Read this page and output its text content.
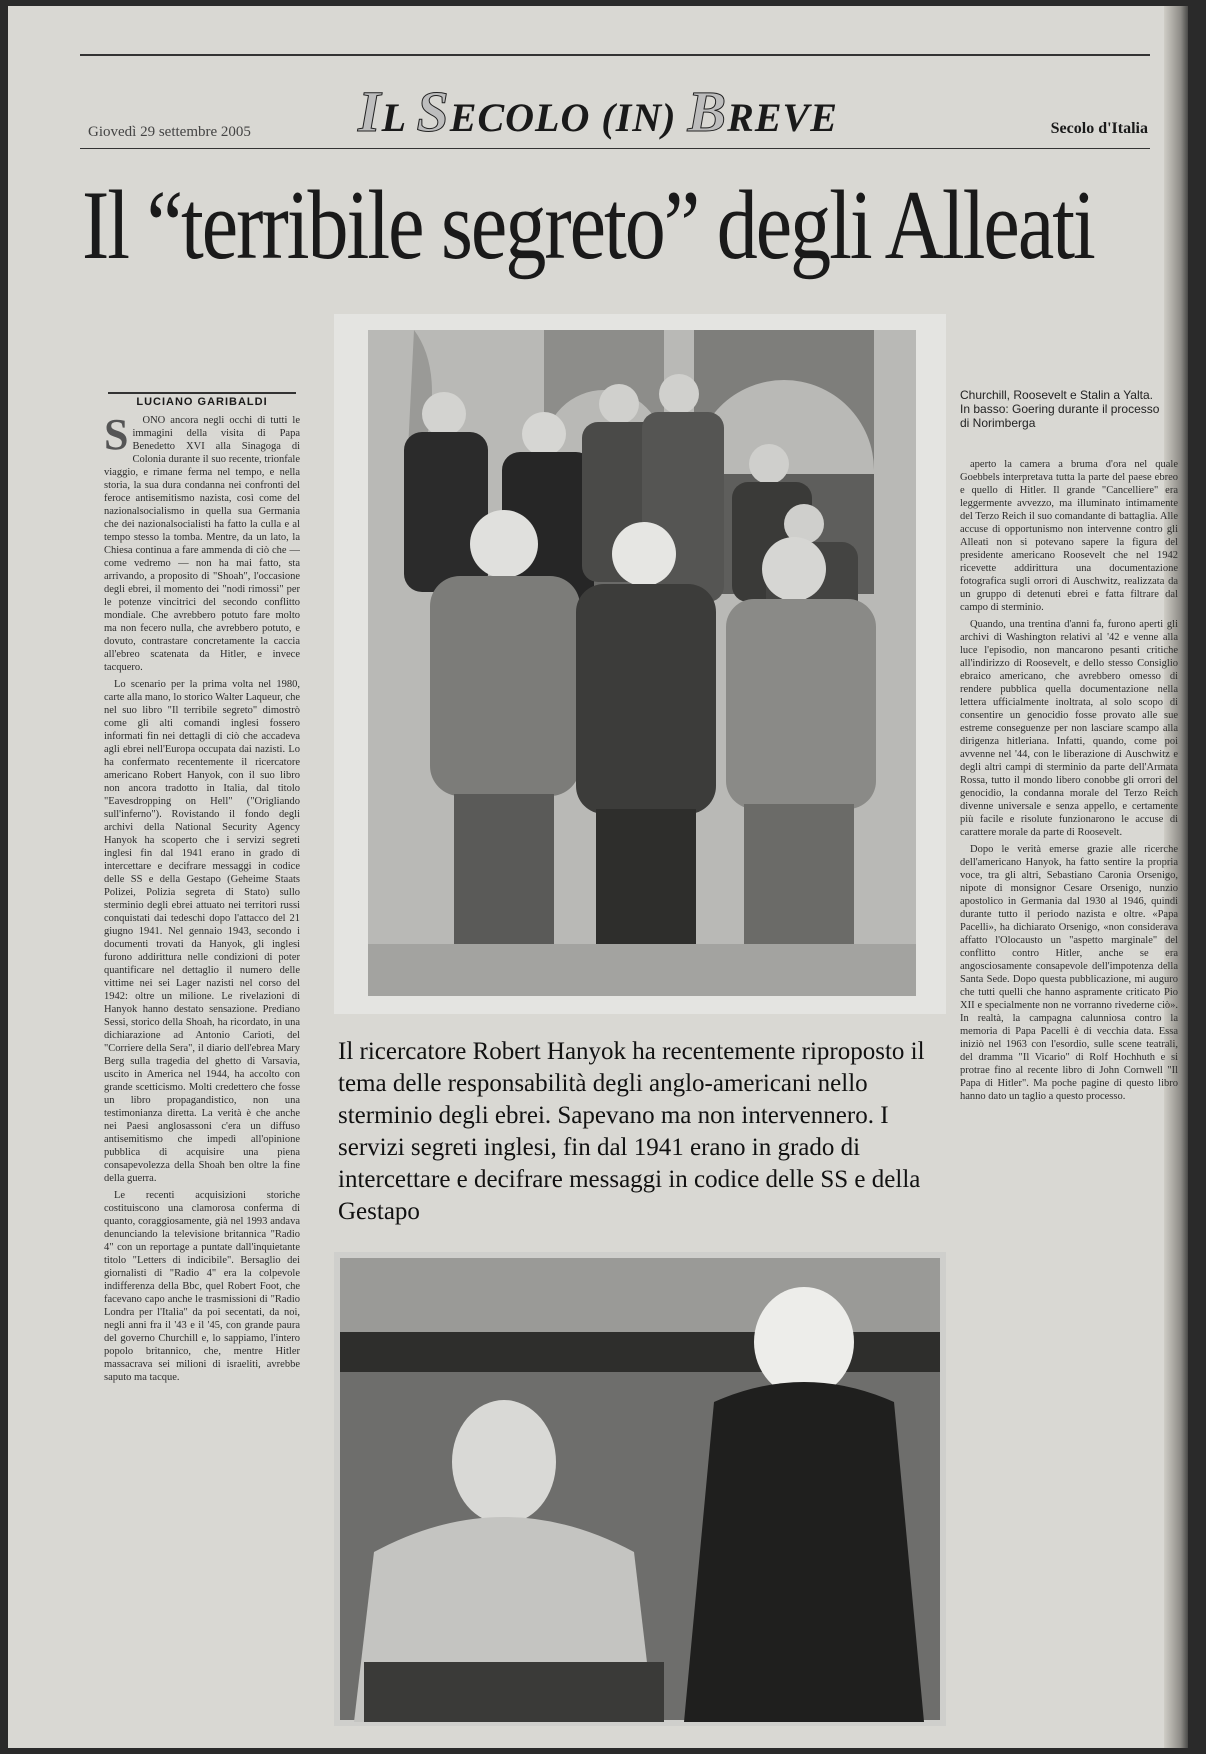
IL SECOLO (IN) BREVE
Giovedì 29 settembre 2005	Secolo d'Italia
Il “terribile segreto” degli Alleati
LUCIANO GARIBALDI
S	ONO ancora negli occhi di tutti le immagini della visita di Papa Benedetto XVI alla Sinagoga di Colonia durante il suo recente, trionfale viaggio, e rimane ferma nel tempo, e nella storia, la sua dura condanna nei confronti del feroce antisemitismo nazista, così come del nazionalsocialismo in quella sua Germania che dei nazionalsocialisti ha fatto la culla e al tempo stesso la tomba. Mentre, da un lato, la Chiesa continua a fare ammenda di ciò che — come vedremo — non ha mai fatto, sta arrivando, a proposito di "Shoah", l'occasione degli ebrei, il momento dei "nodi rimossi" per le potenze vincitrici del secondo conflitto mondiale. Che avrebbero potuto fare molto ma non fecero nulla, che avrebbero potuto, e dovuto, contrastare concretamente la caccia all'ebreo scatenata da Hitler, e invece tacquero.

Lo scenario per la prima volta nel 1980, carte alla mano, lo storico Walter Laqueur, che nel suo libro "Il terribile segreto" dimostrò come gli alti comandi inglesi fossero informati fin nei dettagli di ciò che accadeva agli ebrei nell'Europa occupata dai nazisti. Lo ha confermato recentemente il ricercatore americano Robert Hanyok, con il suo libro non ancora tradotto in Italia, dal titolo "Eavesdropping on Hell" ("Origliando sull'inferno"). Rovistando il fondo degli archivi della National Security Agency Hanyok ha scoperto che i servizi segreti inglesi fin dal 1941 erano in grado di intercettare e decifrare messaggi in codice delle SS e della Gestapo (Geheime Staats Polizei, Polizia segreta di Stato) sullo sterminio degli ebrei attuato nei territori russi conquistati dai tedeschi dopo l'attacco del 21 giugno 1941. Nel gennaio 1943, secondo i documenti trovati da Hanyok, gli inglesi furono addirittura nelle condizioni di poter quantificare nel dettaglio il numero delle vittime nei sei Lager nazisti nel corso del 1942: oltre un milione. Le rivelazioni di Hanyok hanno destato sensazione. Prediano Sessi, storico della Shoah, ha ricordato, in una dichiarazione ad Antonio Carioti, del "Corriere della Sera", il diario dell'ebrea Mary Berg sulla tragedia del ghetto di Varsavia, uscito in America nel 1944, ha accolto con grande scetticismo. Molti credettero che fosse un libro propagandistico, non una testimonianza diretta. La verità è che anche nei Paesi anglosassoni c'era un diffuso antisemitismo che impedì all'opinione pubblica di acquisire una piena consapevolezza della Shoah ben oltre la fine della guerra.

Le recenti acquisizioni storiche costituiscono una clamorosa conferma di quanto, coraggiosamente, già nel 1993 andava denunciando la televisione britannica "Radio 4" con un reportage a puntate dall'inquietante titolo "Letters di indicibile". Bersaglio dei giornalisti di "Radio 4" era la colpevole indifferenza della Bbc, quel Robert Foot, che facevano capo anche le trasmissioni di "Radio Londra per l'Italia" da poi secentati, da noi, negli anni fra il '43 e il '45, con grande paura del governo Churchill e, lo sappiamo, l'intero popolo britannico, che, mentre Hitler massacrava sei milioni di israeliti, avrebbe saputo ma tacque.

Churchill, Roosevelt e Stalin a Yalta. In basso: Goering durante il processo di Norimberga

aperto la camera a bruma d'ora nel quale Goebbels interpretava tutta la parte del paese ebreo e quello di Hitler. Il grande "Cancelliere" era leggermente avvezzo, ma illuminato intimamente del Terzo Reich il suo comandante di battaglia. Alle accuse di opportunismo non intervenne contro gli Alleati non si potevano sapere la figura del presidente americano Roosevelt che nel 1942 ricevette addirittura una documentazione fotografica sugli orrori di Auschwitz, realizzata da un gruppo di detenuti ebrei e fatta filtrare dal campo di sterminio.

Quando, una trentina d'anni fa, furono aperti gli archivi di Washington relativi al '42 e venne alla luce l'episodio, non mancarono pesanti critiche all'indirizzo di Roosevelt, e dello stesso Consiglio ebraico americano, che avrebbero omesso di rendere pubblica quella documentazione nella lettera ufficialmente inoltrata, al solo scopo di consentire un genocidio fosse provato alle sue estreme conseguenze per non lasciare scampo alla dirigenza hitleriana. Infatti, quando, come poi avvenne nel '44, con le liberazione di Auschwitz e degli altri campi di sterminio da parte dell'Armata Rossa, tutto il mondo libero conobbe gli orrori del genocidio, la condanna morale del Terzo Reich divenne universale e senza appello, e certamente più facile e risolute funzionarono le accuse di carattere morale da parte di Roosevelt.

Dopo le verità emerse grazie alle ricerche dell'americano Hanyok, ha fatto sentire la propria voce, tra gli altri, Sebastiano Caronia Orsenigo, nipote di monsignor Cesare Orsenigo, nunzio apostolico in Germania dal 1930 al 1946, quindi durante tutto il periodo nazista e oltre. «Papa Pacelli», ha dichiarato Orsenigo, «non considerava affatto l'Olocausto un "aspetto marginale" del conflitto contro Hitler, anche se era angosciosamente consapevole dell'impotenza della Santa Sede. Dopo questa pubblicazione, mi auguro che tutti quelli che hanno aspramente criticato Pio XII e specialmente non ne vorranno rivederne ciò». In realtà, la campagna calunniosa contro la memoria di Papa Pacelli è di vecchia data. Essa iniziò nel 1963 con l'esordio, sulle scene teatrali, del dramma "Il Vicario" di Rolf Hochhuth e si protrae fino al recente libro di John Cornwell "Il Papa di Hitler". Ma poche pagine di questo libro hanno dato un taglio a questo processo.

Il ricercatore Robert Hanyok ha recentemente riproposto il tema delle responsabilità degli anglo-americani nello sterminio degli ebrei. Sapevano ma non intervennero. I servizi segreti inglesi, fin dal 1941 erano in grado di intercettare e decifrare messaggi in codice delle SS e della Gestapo
